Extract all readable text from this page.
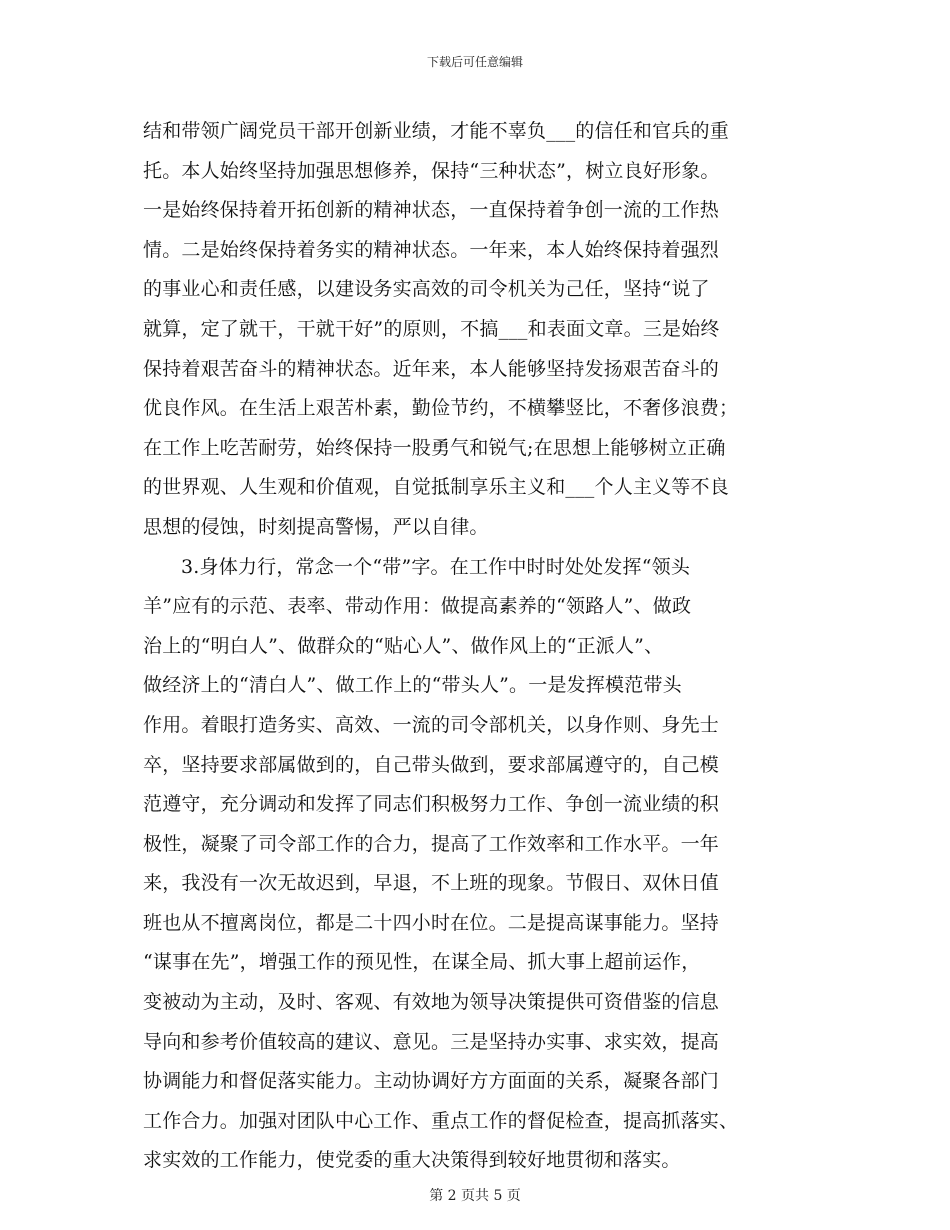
下载后可任意编辑
结和带领广阔党员干部开创新业绩，才能不辜负___的信任和官兵的重
托。本人始终坚持加强思想修养，保持“三种状态”，树立良好形象。
一是始终保持着开拓创新的精神状态，一直保持着争创一流的工作热
情。二是始终保持着务实的精神状态。一年来，本人始终保持着强烈
的事业心和责任感，以建设务实高效的司令机关为己任，坚持“说了
就算，定了就干，干就干好”的原则，不搞___和表面文章。三是始终
保持着艰苦奋斗的精神状态。近年来，本人能够坚持发扬艰苦奋斗的
优良作风。在生活上艰苦朴素，勤俭节约，不横攀竖比，不奢侈浪费；
在工作上吃苦耐劳，始终保持一股勇气和锐气;在思想上能够树立正确
的世界观、人生观和价值观，自觉抵制享乐主义和___个人主义等不良
思想的侵蚀，时刻提高警惕，严以自律。
3.身体力行，常念一个“带”字。在工作中时时处处发挥“领头
羊”应有的示范、表率、带动作用：做提高素养的“领路人”、做政
治上的“明白人”、做群众的“贴心人”、做作风上的“正派人”、
做经济上的“清白人”、做工作上的“带头人”。一是发挥模范带头
作用。着眼打造务实、高效、一流的司令部机关，以身作则、身先士
卒，坚持要求部属做到的，自己带头做到，要求部属遵守的，自己模
范遵守，充分调动和发挥了同志们积极努力工作、争创一流业绩的积
极性，凝聚了司令部工作的合力，提高了工作效率和工作水平。一年
来，我没有一次无故迟到，早退，不上班的现象。节假日、双休日值
班也从不擅离岗位，都是二十四小时在位。二是提高谋事能力。坚持
“谋事在先”，增强工作的预见性，在谋全局、抓大事上超前运作，
变被动为主动，及时、客观、有效地为领导决策提供可资借鉴的信息
导向和参考价值较高的建议、意见。三是坚持办实事、求实效，提高
协调能力和督促落实能力。主动协调好方方面面的关系，凝聚各部门
工作合力。加强对团队中心工作、重点工作的督促检查，提高抓落实、
求实效的工作能力，使党委的重大决策得到较好地贯彻和落实。
第 2 页共 5 页
